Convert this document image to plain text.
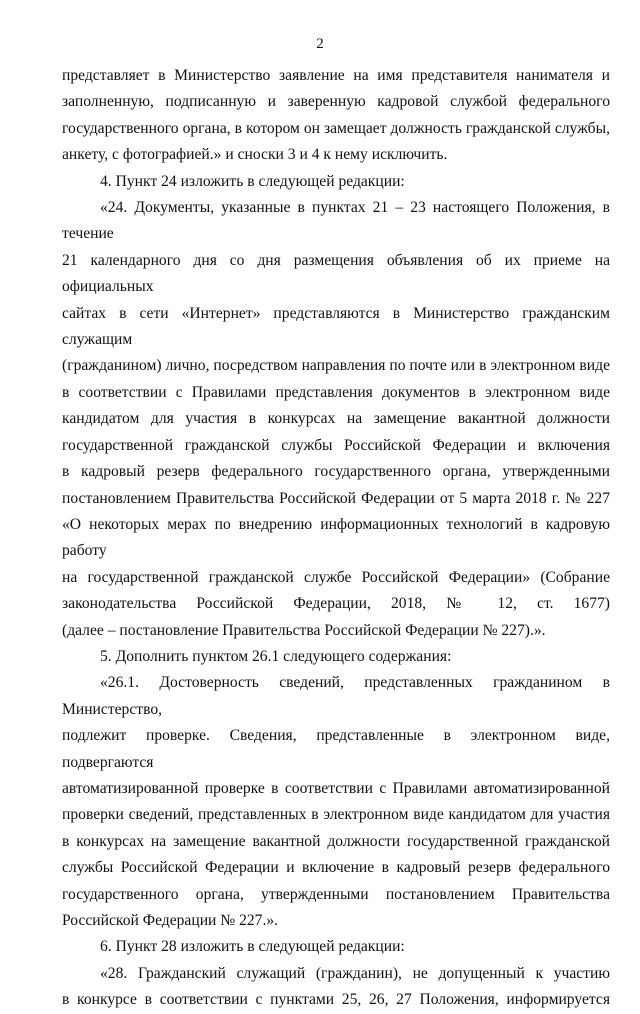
2

представляет в Министерство заявление на имя представителя нанимателя и

заполненную, подписанную и заверенную кадровой службой федерального

государственного органа, в котором он замещает должность гражданской службы,

анкету, с фотографией.» и сноски 3 и 4 к нему исключить.

4. Пункт 24 изложить в следующей редакции:

«24. Документы, указанные в пунктах 21 – 23 настоящего Положения, в течение

21 календарного дня со дня размещения объявления об их приеме на официальных

сайтах в сети «Интернет» представляются в Министерство гражданским служащим

(гражданином) лично, посредством направления по почте или в электронном виде

в соответствии с Правилами представления документов в электронном виде

кандидатом для участия в конкурсах на замещение вакантной должности

государственной гражданской службы Российской Федерации и включения

в кадровый резерв федерального государственного органа, утвержденными

постановлением Правительства Российской Федерации от 5 марта 2018 г. № 227

«О некоторых мерах по внедрению информационных технологий в кадровую работу

на государственной гражданской службе Российской Федерации» (Собрание

законодательства Российской Федерации, 2018, № 12, ст. 1677)

(далее – постановление Правительства Российской Федерации № 227).».

5. Дополнить пунктом 26.1 следующего содержания:

«26.1. Достоверность сведений, представленных гражданином в Министерство,

подлежит проверке. Сведения, представленные в электронном виде, подвергаются

автоматизированной проверке в соответствии с Правилами автоматизированной

проверки сведений, представленных в электронном виде кандидатом для участия

в конкурсах на замещение вакантной должности государственной гражданской

службы Российской Федерации и включение в кадровый резерв федерального

государственного органа, утвержденными постановлением Правительства

Российской Федерации № 227.».

6. Пункт 28 изложить в следующей редакции:

«28. Гражданский служащий (гражданин), не допущенный к участию

в конкурсе в соответствии с пунктами 25, 26, 27 Положения, информируется
